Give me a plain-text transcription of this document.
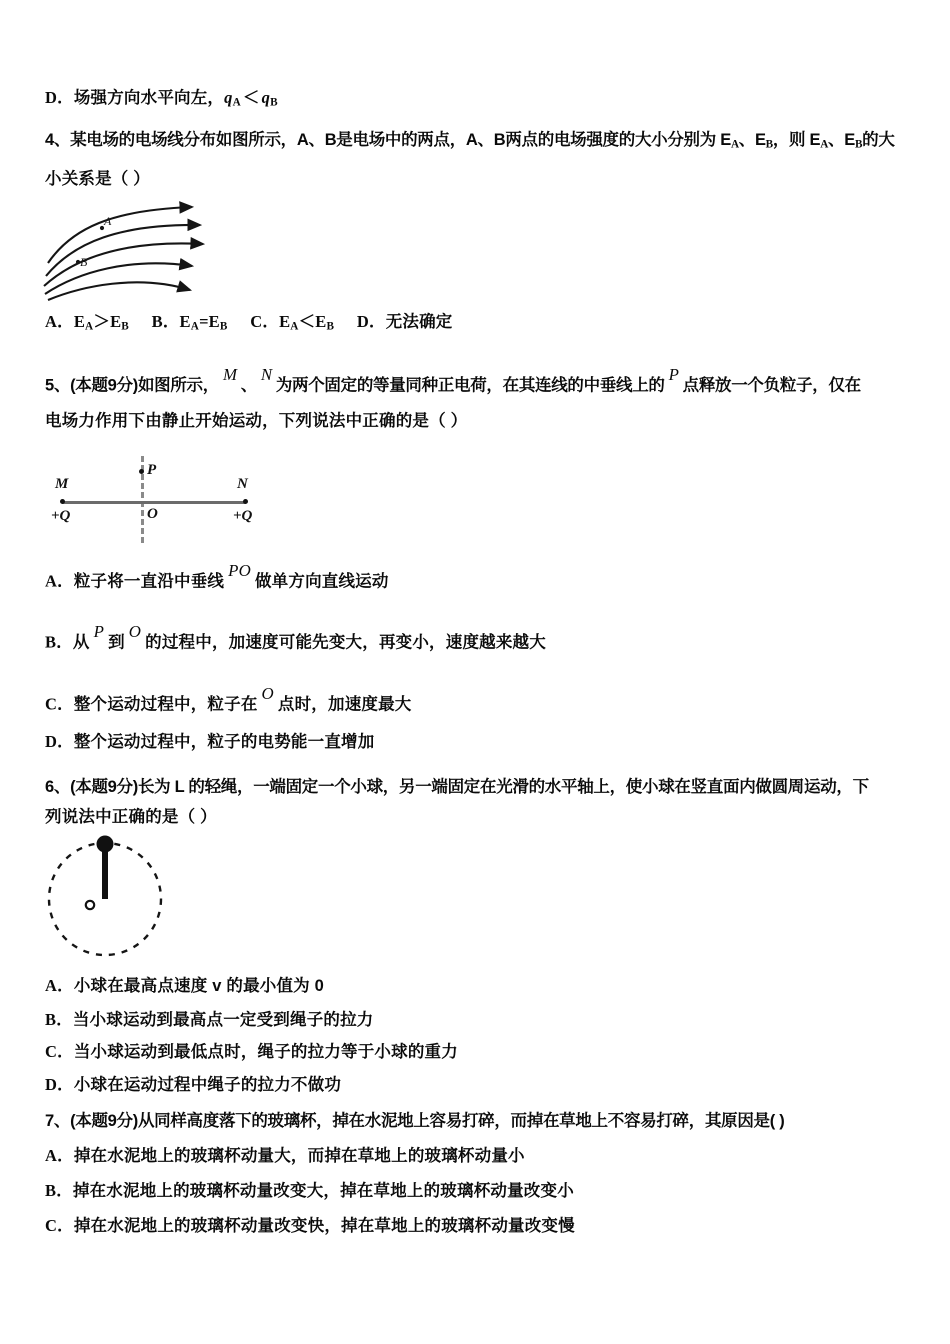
D．场强方向水平向左，$q_A < q_B$
4、某电场的电场线分布如图所示，A、B是电场中的两点，A、B两点的电场强度的大小分别为 $E_A$、$E_B$，则 $E_A$、$E_B$的大
小关系是（ ）
A
B
A．$E_A>E_B$ B．$E_A=E_B$ C．$E_A<E_B$ D．无法确定
5、(本题9分)如图所示，M、N为两个固定的等量同种正电荷，在其连线的中垂线上的P点释放一个负粒子，仅在
电场力作用下由静止开始运动，下列说法中正确的是（ ）
M
+Q
N
+Q
O
P
A．粒子将一直沿中垂线PO做单方向直线运动
B．从P到O的过程中，加速度可能先变大，再变小，速度越来越大
C．整个运动过程中，粒子在O点时，加速度最大
D．整个运动过程中，粒子的电势能一直增加
6、(本题9分)长为 L 的轻绳，一端固定一个小球，另一端固定在光滑的水平轴上，使小球在竖直面内做圆周运动，下
列说法中正确的是（ ）
A．小球在最高点速度 v 的最小值为 0
B．当小球运动到最高点一定受到绳子的拉力
C．当小球运动到最低点时，绳子的拉力等于小球的重力
D．小球在运动过程中绳子的拉力不做功
7、(本题9分)从同样高度落下的玻璃杯，掉在水泥地上容易打碎，而掉在草地上不容易打碎，其原因是( )
A．掉在水泥地上的玻璃杯动量大，而掉在草地上的玻璃杯动量小
B．掉在水泥地上的玻璃杯动量改变大，掉在草地上的玻璃杯动量改变小
C．掉在水泥地上的玻璃杯动量改变快，掉在草地上的玻璃杯动量改变慢
